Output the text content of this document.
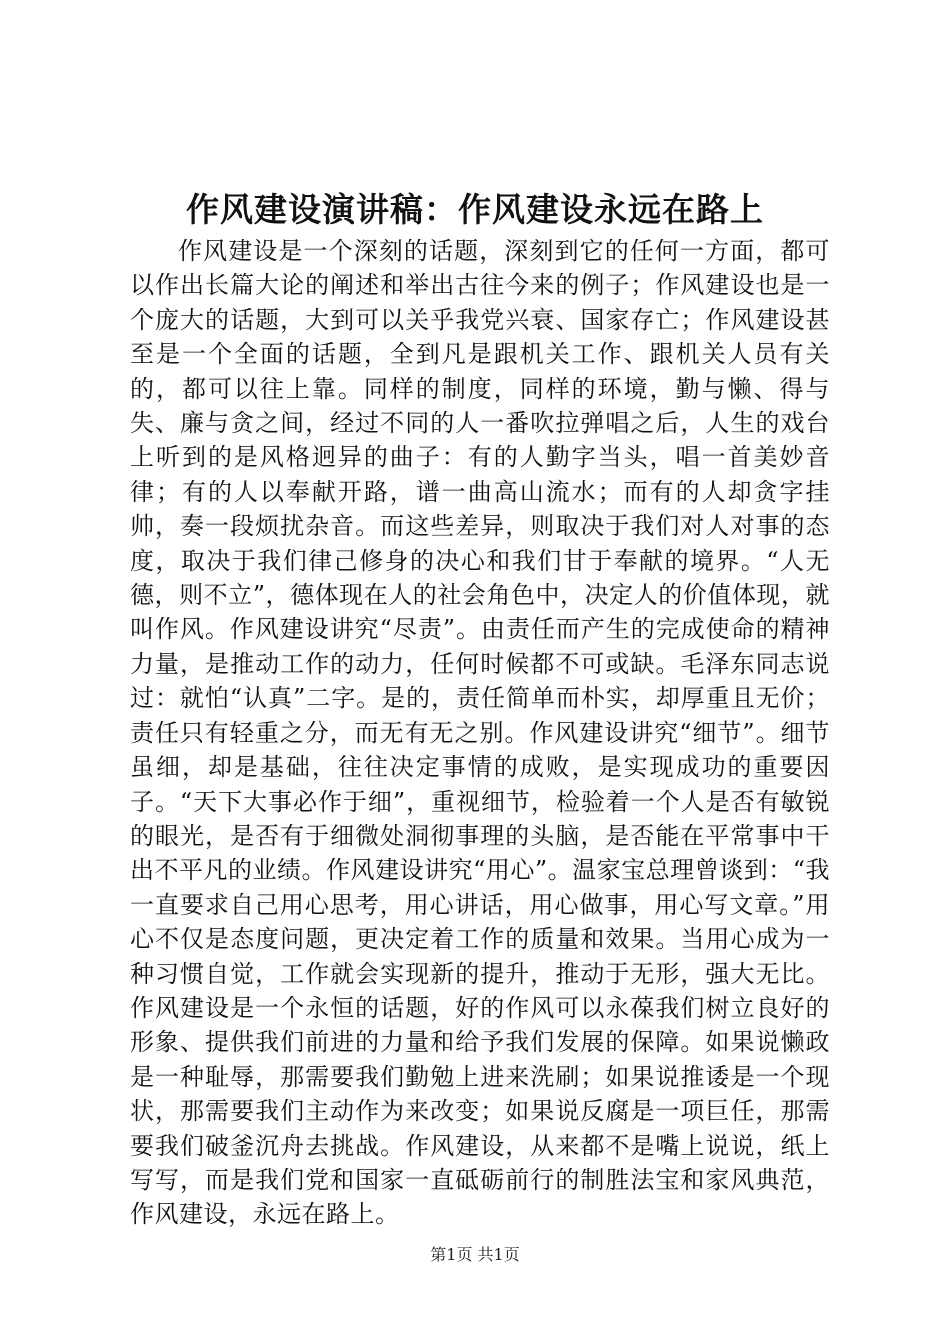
作风建设演讲稿：作风建设永远在路上

作风建设是一个深刻的话题，深刻到它的任何一方面，都可以作出长篇大论的阐述和举出古往今来的例子；作风建设也是一个庞大的话题，大到可以关乎我党兴衰、国家存亡；作风建设甚至是一个全面的话题，全到凡是跟机关工作、跟机关人员有关的，都可以往上靠。同样的制度，同样的环境，勤与懒、得与失、廉与贪之间，经过不同的人一番吹拉弹唱之后，人生的戏台上听到的是风格迥异的曲子：有的人勤字当头，唱一首美妙音律；有的人以奉献开路，谱一曲高山流水；而有的人却贪字挂帅，奏一段烦扰杂音。而这些差异，则取决于我们对人对事的态度，取决于我们律己修身的决心和我们甘于奉献的境界。“人无德，则不立”，德体现在人的社会角色中，决定人的价值体现，就叫作风。作风建设讲究“尽责”。由责任而产生的完成使命的精神力量，是推动工作的动力，任何时候都不可或缺。毛泽东同志说过：就怕“认真”二字。是的，责任简单而朴实，却厚重且无价；责任只有轻重之分，而无有无之别。作风建设讲究“细节”。细节虽细，却是基础，往往决定事情的成败，是实现成功的重要因子。“天下大事必作于细”，重视细节，检验着一个人是否有敏锐的眼光，是否有于细微处洞彻事理的头脑，是否能在平常事中干出不平凡的业绩。作风建设讲究“用心”。温家宝总理曾谈到：“我一直要求自己用心思考，用心讲话，用心做事，用心写文章。”用心不仅是态度问题，更决定着工作的质量和效果。当用心成为一种习惯自觉，工作就会实现新的提升，推动于无形，强大无比。作风建设是一个永恒的话题，好的作风可以永葆我们树立良好的形象、提供我们前进的力量和给予我们发展的保障。如果说懒政是一种耻辱，那需要我们勤勉上进来洗刷；如果说推诿是一个现状，那需要我们主动作为来改变；如果说反腐是一项巨任，那需要我们破釜沉舟去挑战。作风建设，从来都不是嘴上说说，纸上写写，而是我们党和国家一直砥砺前行的制胜法宝和家风典范，作风建设，永远在路上。

第1页 共1页
